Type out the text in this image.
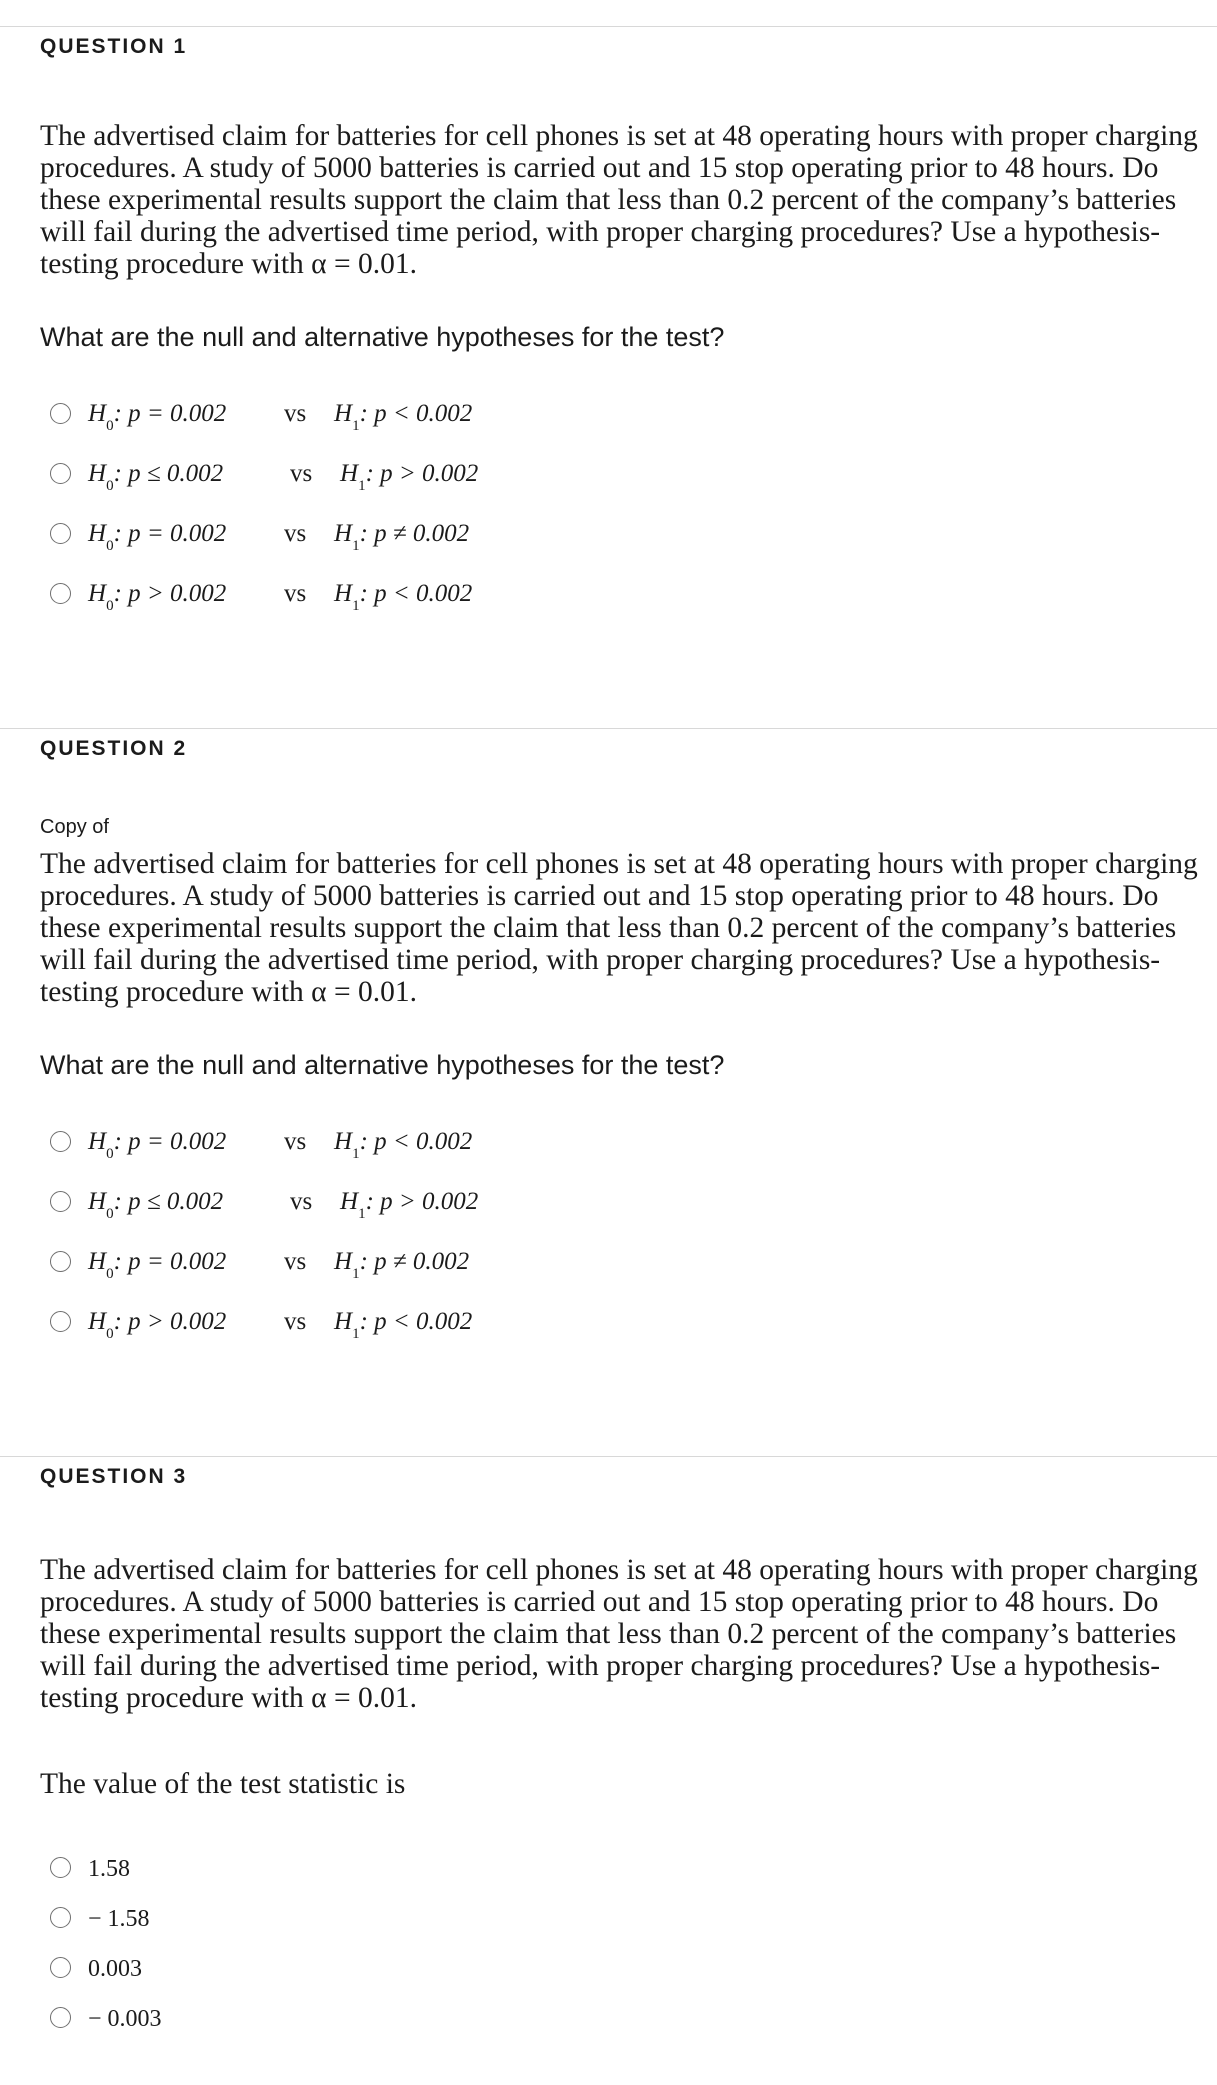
QUESTION 1

The advertised claim for batteries for cell phones is set at 48 operating hours with proper charging procedures. A study of 5000 batteries is carried out and 15 stop operating prior to 48 hours. Do these experimental results support the claim that less than 0.2 percent of the company’s batteries will fail during the advertised time period, with proper charging procedures? Use a hypothesis-testing procedure with α = 0.01.

What are the null and alternative hypotheses for the test?
$H_0$: p = 0.002 vs $H_1$: p < 0.002
$H_0$: p ≤ 0.002	vs $H_1$: p > 0.002
$H_0$: p = 0.002 vs $H_1$: p ≠ 0.002
$H_0$: p > 0.002 vs $H_1$: p < 0.002
QUESTION 2
Copy of

The advertised claim for batteries for cell phones is set at 48 operating hours with proper charging procedures. A study of 5000 batteries is carried out and 15 stop operating prior to 48 hours. Do these experimental results support the claim that less than 0.2 percent of the company’s batteries will fail during the advertised time period, with proper charging procedures? Use a hypothesis-testing procedure with α = 0.01.

What are the null and alternative hypotheses for the test?
$H_0$: p = 0.002 vs $H_1$: p < 0.002
$H_0$: p ≤ 0.002	vs $H_1$: p > 0.002
$H_0$: p = 0.002 vs $H_1$: p ≠ 0.002
$H_0$: p > 0.002 vs $H_1$: p < 0.002
QUESTION 3

The advertised claim for batteries for cell phones is set at 48 operating hours with proper charging procedures. A study of 5000 batteries is carried out and 15 stop operating prior to 48 hours. Do these experimental results support the claim that less than 0.2 percent of the company’s batteries will fail during the advertised time period, with proper charging procedures? Use a hypothesis-testing procedure with α = 0.01.

The value of the test statistic is
1.58
− 1.58
0.003
− 0.003
